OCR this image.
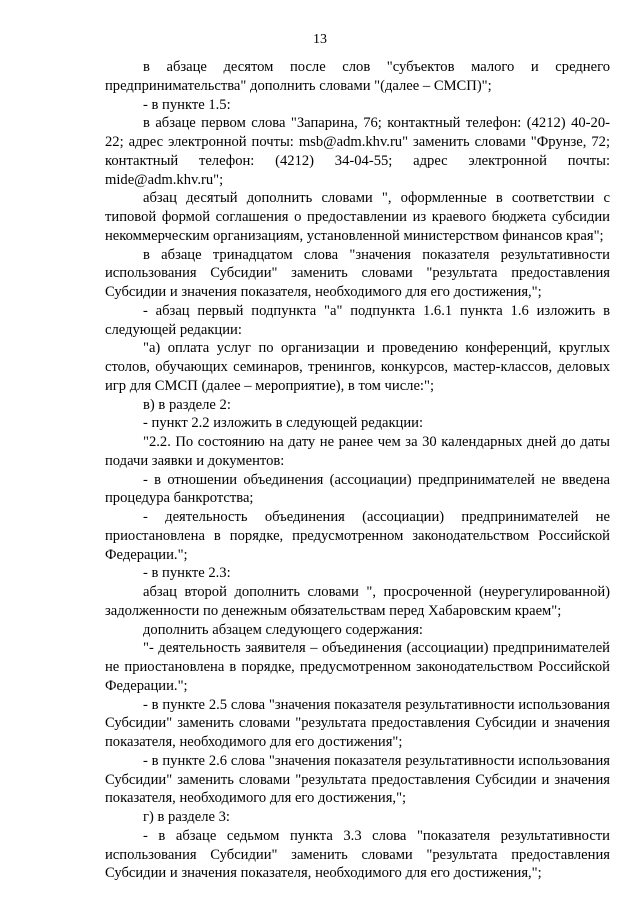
13

в абзаце десятом после слов "субъектов малого и среднего предпринимательства" дополнить словами "(далее – СМСП)";

- в пункте 1.5:

в абзаце первом слова "Запарина, 76; контактный телефон: (4212) 40-20-22; адрес электронной почты: msb@adm.khv.ru" заменить словами "Фрунзе, 72; контактный телефон: (4212) 34-04-55; адрес электронной почты: mide@adm.khv.ru";

абзац десятый дополнить словами ", оформленные в соответствии с типовой формой соглашения о предоставлении из краевого бюджета субсидии некоммерческим организациям, установленной министерством финансов края";

в абзаце тринадцатом слова "значения показателя результативности использования Субсидии" заменить словами "результата предоставления Субсидии и значения показателя, необходимого для его достижения,";

- абзац первый подпункта "а" подпункта 1.6.1 пункта 1.6 изложить в следующей редакции:

"а) оплата услуг по организации и проведению конференций, круглых столов, обучающих семинаров, тренингов, конкурсов, мастер-классов, деловых игр для СМСП (далее – мероприятие), в том числе:";

в) в разделе 2:

- пункт 2.2 изложить в следующей редакции:

"2.2. По состоянию на дату не ранее чем за 30 календарных дней до даты подачи заявки и документов:

- в отношении объединения (ассоциации) предпринимателей не введена процедура банкротства;

- деятельность объединения (ассоциации) предпринимателей не приостановлена в порядке, предусмотренном законодательством Российской Федерации.";

- в пункте 2.3:

абзац второй дополнить словами ", просроченной (неурегулированной) задолженности по денежным обязательствам перед Хабаровским краем";

дополнить абзацем следующего содержания:

"- деятельность заявителя – объединения (ассоциации) предпринимателей не приостановлена в порядке, предусмотренном законодательством Российской Федерации.";

- в пункте 2.5 слова "значения показателя результативности использования Субсидии" заменить словами "результата предоставления Субсидии и значения показателя, необходимого для его достижения";

- в пункте 2.6 слова "значения показателя результативности использования Субсидии" заменить словами "результата предоставления Субсидии и значения показателя, необходимого для его достижения,";

г) в разделе 3:

- в абзаце седьмом пункта 3.3 слова "показателя результативности использования Субсидии" заменить словами "результата предоставления Субсидии и значения показателя, необходимого для его достижения,";
